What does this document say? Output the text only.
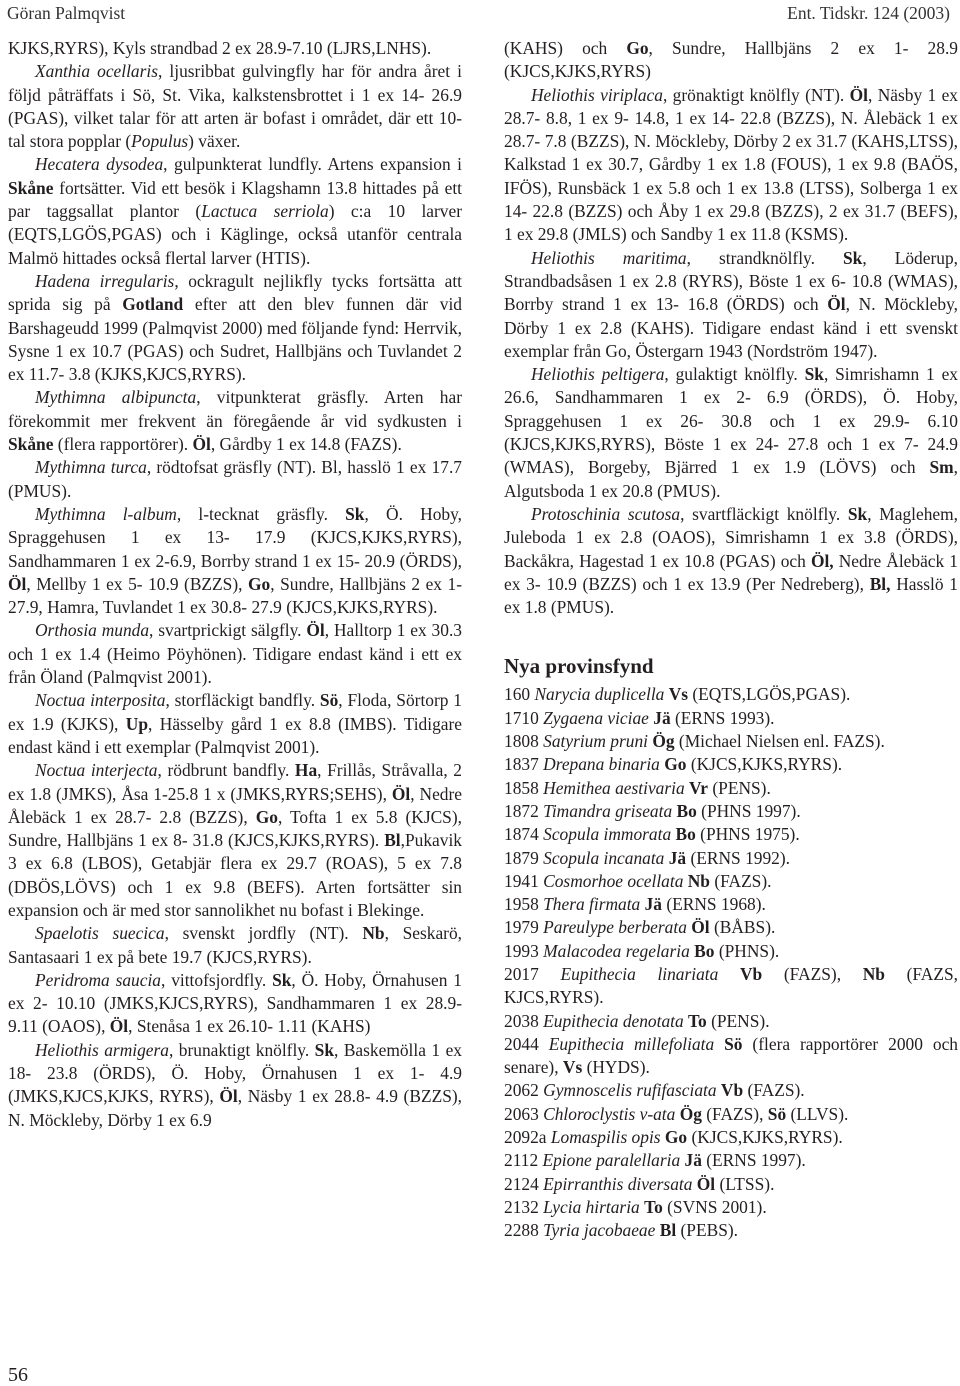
Göran Palmqvist	Ent. Tidskr. 124 (2003)

KJKS,RYRS), Kyls strandbad 2 ex 28.9-7.10 (LJRS,LNHS).

Xanthia ocellaris, ljusribbat gulvingfly har för andra året i följd påträffats i Sö, St. Vika, kalkstensbrottet i 1 ex 14- 26.9 (PGAS), vilket talar för att arten är bofast i området, där ett 10- tal stora popplar (Populus) växer.

Hecatera dysodea, gulpunkterat lundfly. Artens expansion i Skåne fortsätter. Vid ett besök i Klagshamn 13.8 hittades på ett par taggsallat plantor (Lactuca serriola) c:a 10 larver (EQTS,LGÖS,PGAS) och i Käglinge, också utanför centrala Malmö hittades också flertal larver (HTIS).

Hadena irregularis, ockragult nejlikfly tycks fortsätta att sprida sig på Gotland efter att den blev funnen där vid Barshageudd 1999 (Palmqvist 2000) med följande fynd: Herrvik, Sysne 1 ex 10.7 (PGAS) och Sudret, Hallbjäns och Tuvlandet 2 ex 11.7- 3.8 (KJKS,KJCS,RYRS).

Mythimna albipuncta, vitpunkterat gräsfly. Arten har förekommit mer frekvent än föregående år vid sydkusten i Skåne (flera rapportörer). Öl, Gårdby 1 ex 14.8 (FAZS).

Mythimna turca, rödtofsat gräsfly (NT). Bl, hasslö 1 ex 17.7 (PMUS).

Mythimna l-album, l-tecknat gräsfly. Sk, Ö. Hoby, Spraggehusen 1 ex 13- 17.9 (KJCS,KJKS,RYRS), Sandhammaren 1 ex 2-6.9, Borrby strand 1 ex 15- 20.9 (ÖRDS), Öl, Mellby 1 ex 5- 10.9 (BZZS), Go, Sundre, Hallbjäns 2 ex 1- 27.9, Hamra, Tuvlandet 1 ex 30.8- 27.9 (KJCS,KJKS,RYRS).

Orthosia munda, svartprickigt sälgfly. Öl, Halltorp 1 ex 30.3 och 1 ex 1.4 (Heimo Pöyhönen). Tidigare endast känd i ett ex från Öland (Palmqvist 2001).

Noctua interposita, storfläckigt bandfly. Sö, Floda, Sörtorp 1 ex 1.9 (KJKS), Up, Hässelby gård 1 ex 8.8 (IMBS). Tidigare endast känd i ett exemplar (Palmqvist 2001).

Noctua interjecta, rödbrunt bandfly. Ha, Frillås, Stråvalla, 2 ex 1.8 (JMKS), Åsa 1-25.8 1 x (JMKS,RYRS;SEHS), Öl, Nedre Ålebäck 1 ex 28.7- 2.8 (BZZS), Go, Tofta 1 ex 5.8 (KJCS), Sundre, Hallbjäns 1 ex 8- 31.8 (KJCS,KJKS,RYRS). Bl,Pukavik 3 ex 6.8 (LBOS), Getabjär flera ex 29.7 (ROAS), 5 ex 7.8 (DBÖS,LÖVS) och 1 ex 9.8 (BEFS). Arten fortsätter sin expansion och är med stor sannolikhet nu bofast i Blekinge.

Spaelotis suecica, svenskt jordfly (NT). Nb, Seskarö, Santasaari 1 ex på bete 19.7 (KJCS,RYRS).

Peridroma saucia, vittofsjordfly. Sk, Ö. Hoby, Örnahusen 1 ex 2- 10.10 (JMKS,KJCS,RYRS), Sandhammaren 1 ex 28.9- 9.11 (OAOS), Öl, Stenåsa 1 ex 26.10- 1.11 (KAHS)

Heliothis armigera, brunaktigt knölfly. Sk, Baskemölla 1 ex 18- 23.8 (ÖRDS), Ö. Hoby, Örnahusen 1 ex 1- 4.9 (JMKS,KJCS,KJKS, RYRS), Öl, Näsby 1 ex 28.8- 4.9 (BZZS), N. Möckleby, Dörby 1 ex 6.9

(KAHS) och Go, Sundre, Hallbjäns 2 ex 1- 28.9 (KJCS,KJKS,RYRS)

Heliothis viriplaca, grönaktigt knölfly (NT). Öl, Näsby 1 ex 28.7- 8.8, 1 ex 9- 14.8, 1 ex 14- 22.8 (BZZS), N. Ålebäck 1 ex 28.7- 7.8 (BZZS), N. Möckleby, Dörby 2 ex 31.7 (KAHS,LTSS), Kalkstad 1 ex 30.7, Gårdby 1 ex 1.8 (FOUS), 1 ex 9.8 (BAÖS, IFÖS), Runsbäck 1 ex 5.8 och 1 ex 13.8 (LTSS), Solberga 1 ex 14- 22.8 (BZZS) och Åby 1 ex 29.8 (BZZS), 2 ex 31.7 (BEFS), 1 ex 29.8 (JMLS) och Sandby 1 ex 11.8 (KSMS).

Heliothis maritima, strandknölfly. Sk, Löderup, Strandbadsåsen 1 ex 2.8 (RYRS), Böste 1 ex 6- 10.8 (WMAS), Borrby strand 1 ex 13- 16.8 (ÖRDS) och Öl, N. Möckleby, Dörby 1 ex 2.8 (KAHS). Tidigare endast känd i ett svenskt exemplar från Go, Östergarn 1943 (Nordström 1947).

Heliothis peltigera, gulaktigt knölfly. Sk, Simrishamn 1 ex 26.6, Sandhammaren 1 ex 2- 6.9 (ÖRDS), Ö. Hoby, Spraggehusen 1 ex 26- 30.8 och 1 ex 29.9- 6.10 (KJCS,KJKS,RYRS), Böste 1 ex 24- 27.8 och 1 ex 7- 24.9 (WMAS), Borgeby, Bjärred 1 ex 1.9 (LÖVS) och Sm, Algutsboda 1 ex 20.8 (PMUS).

Protoschinia scutosa, svartfläckigt knölfly. Sk, Maglehem, Juleboda 1 ex 2.8 (OAOS), Simrishamn 1 ex 3.8 (ÖRDS), Backåkra, Hagestad 1 ex 10.8 (PGAS) och Öl, Nedre Ålebäck 1 ex 3- 10.9 (BZZS) och 1 ex 13.9 (Per Nedreberg), Bl, Hasslö 1 ex 1.8 (PMUS).

Nya provinsfynd

160 Narycia duplicella Vs (EQTS,LGÖS,PGAS).

1710 Zygaena viciae Jä (ERNS 1993).

1808 Satyrium pruni Ög (Michael Nielsen enl. FAZS).

1837 Drepana binaria Go (KJCS,KJKS,RYRS).

1858 Hemithea aestivaria Vr (PENS).

1872 Timandra griseata Bo (PHNS 1997).

1874 Scopula immorata Bo (PHNS 1975).

1879 Scopula incanata Jä (ERNS 1992).

1941 Cosmorhoe ocellata Nb (FAZS).

1958 Thera firmata Jä (ERNS 1968).

1979 Pareulype berberata Öl (BÅBS).

1993 Malacodea regelaria Bo (PHNS).

2017 Eupithecia linariata Vb (FAZS), Nb (FAZS, KJCS,RYRS).

2038 Eupithecia denotata To (PENS).

2044 Eupithecia millefoliata Sö (flera rapportörer 2000 och senare), Vs (HYDS).

2062 Gymnoscelis rufifasciata Vb (FAZS).

2063 Chloroclystis v-ata Ög (FAZS), Sö (LLVS).

2092a Lomaspilis opis Go (KJCS,KJKS,RYRS).

2112 Epione paralellaria Jä (ERNS 1997).

2124 Epirranthis diversata Öl (LTSS).

2132 Lycia hirtaria To (SVNS 2001).

2288 Tyria jacobaeae Bl (PEBS).

56
